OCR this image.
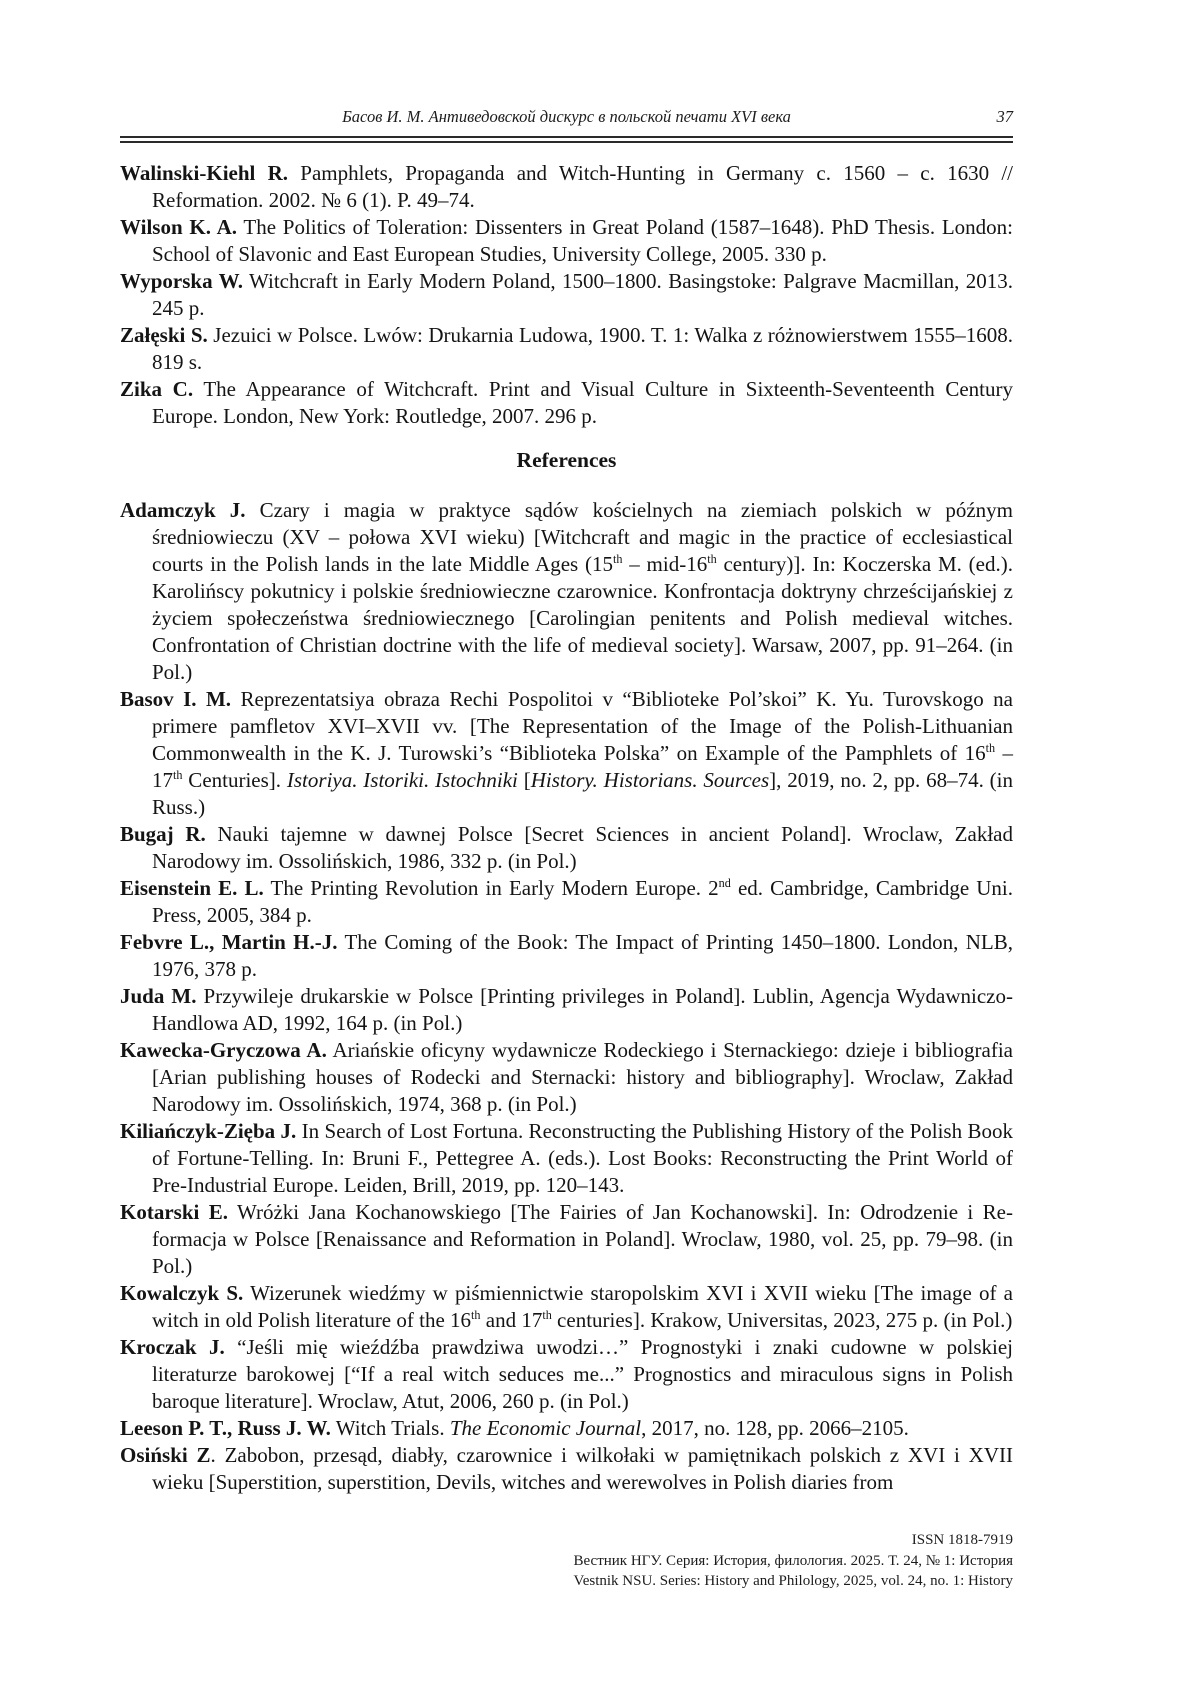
Басов И. М. Антиведовской дискурс в польской печати XVI века	37

Walinski-Kiehl R. Pamphlets, Propaganda and Witch-Hunting in Germany c. 1560 – c. 1630 // Reformation. 2002. № 6 (1). P. 49–74.

Wilson K. A. The Politics of Toleration: Dissenters in Great Poland (1587–1648). PhD Thesis. London: School of Slavonic and East European Studies, University College, 2005. 330 p.

Wyporska W. Witchcraft in Early Modern Poland, 1500–1800. Basingstoke: Palgrave Macmillan, 2013. 245 p.

Załęski S. Jezuici w Polsce. Lwów: Drukarnia Ludowa, 1900. T. 1: Walka z różnowierstwem 1555–1608. 819 s.

Zika C. The Appearance of Witchcraft. Print and Visual Culture in Sixteenth-Seventeenth Century Europe. London, New York: Routledge, 2007. 296 p.

References

Adamczyk J. Czary i magia w praktyce sądów kościelnych na ziemiach polskich w późnym średniowieczu (XV – połowa XVI wieku) [Witchcraft and magic in the practice of ecclesiastical courts in the Polish lands in the late Middle Ages (15th – mid-16th century)]. In: Koczerska M. (ed.). Karolińscy pokutnicy i polskie średniowieczne czarownice. Konfrontacja doktryny chrześcijańskiej z życiem społeczeństwa średniowiecznego [Carolingian penitents and Polish medieval witches. Confrontation of Christian doctrine with the life of medieval society]. Warsaw, 2007, pp. 91–264. (in Pol.)

Basov I. M. Reprezentatsiya obraza Rechi Pospolitoi v “Biblioteke Pol’skoi” K. Yu. Turovskogo na primere pamfletov XVI–XVII vv. [The Representation of the Image of the Polish-Lithuanian Commonwealth in the K. J. Turowski’s “Biblioteka Polska” on Example of the Pamphlets of 16th – 17th Centuries]. Istoriya. Istoriki. Istochniki [History. Historians. Sources], 2019, no. 2, pp. 68–74. (in Russ.)

Bugaj R. Nauki tajemne w dawnej Polsce [Secret Sciences in ancient Poland]. Wroclaw, Zakład Narodowy im. Ossolińskich, 1986, 332 p. (in Pol.)

Eisenstein E. L. The Printing Revolution in Early Modern Europe. 2nd ed. Cambridge, Cambridge Uni. Press, 2005, 384 p.

Febvre L., Martin H.-J. The Coming of the Book: The Impact of Printing 1450–1800. London, NLB, 1976, 378 p.

Juda M. Przywileje drukarskie w Polsce [Printing privileges in Poland]. Lublin, Agencja Wydawniczo-Handlowa AD, 1992, 164 p. (in Pol.)

Kawecka-Gryczowa A. Ariańskie oficyny wydawnicze Rodeckiego i Sternackiego: dzieje i bibliografia [Arian publishing houses of Rodecki and Sternacki: history and bibliography]. Wroclaw, Zakład Narodowy im. Ossolińskich, 1974, 368 p. (in Pol.)

Kiliańczyk-Zięba J. In Search of Lost Fortuna. Reconstructing the Publishing History of the Polish Book of Fortune-Telling. In: Bruni F., Pettegree A. (eds.). Lost Books: Reconstructing the Print World of Pre-Industrial Europe. Leiden, Brill, 2019, pp. 120–143.

Kotarski E. Wróżki Jana Kochanowskiego [The Fairies of Jan Kochanowski]. In: Odrodzenie i Reformacja w Polsce [Renaissance and Reformation in Poland]. Wroclaw, 1980, vol. 25, pp. 79–98. (in Pol.)

Kowalczyk S. Wizerunek wiedźmy w piśmiennictwie staropolskim XVI i XVII wieku [The image of a witch in old Polish literature of the 16th and 17th centuries]. Krakow, Universitas, 2023, 275 p. (in Pol.)

Kroczak J. “Jeśli mię wieźdźba prawdziwa uwodzi…” Prognostyki i znaki cudowne w polskiej literaturze barokowej [“If a real witch seduces me...” Prognostics and miraculous signs in Polish baroque literature]. Wroclaw, Atut, 2006, 260 p. (in Pol.)

Leeson P. T., Russ J. W. Witch Trials. The Economic Journal, 2017, no. 128, pp. 2066–2105.

Osiński Z. Zabobon, przesąd, diabły, czarownice i wilkołaki w pamiętnikach polskich z XVI i XVII wieku [Superstition, superstition, Devils, witches and werewolves in Polish diaries from

ISSN 1818-7919
Вестник НГУ. Серия: История, филология. 2025. Т. 24, № 1: История
Vestnik NSU. Series: History and Philology, 2025, vol. 24, no. 1: History
